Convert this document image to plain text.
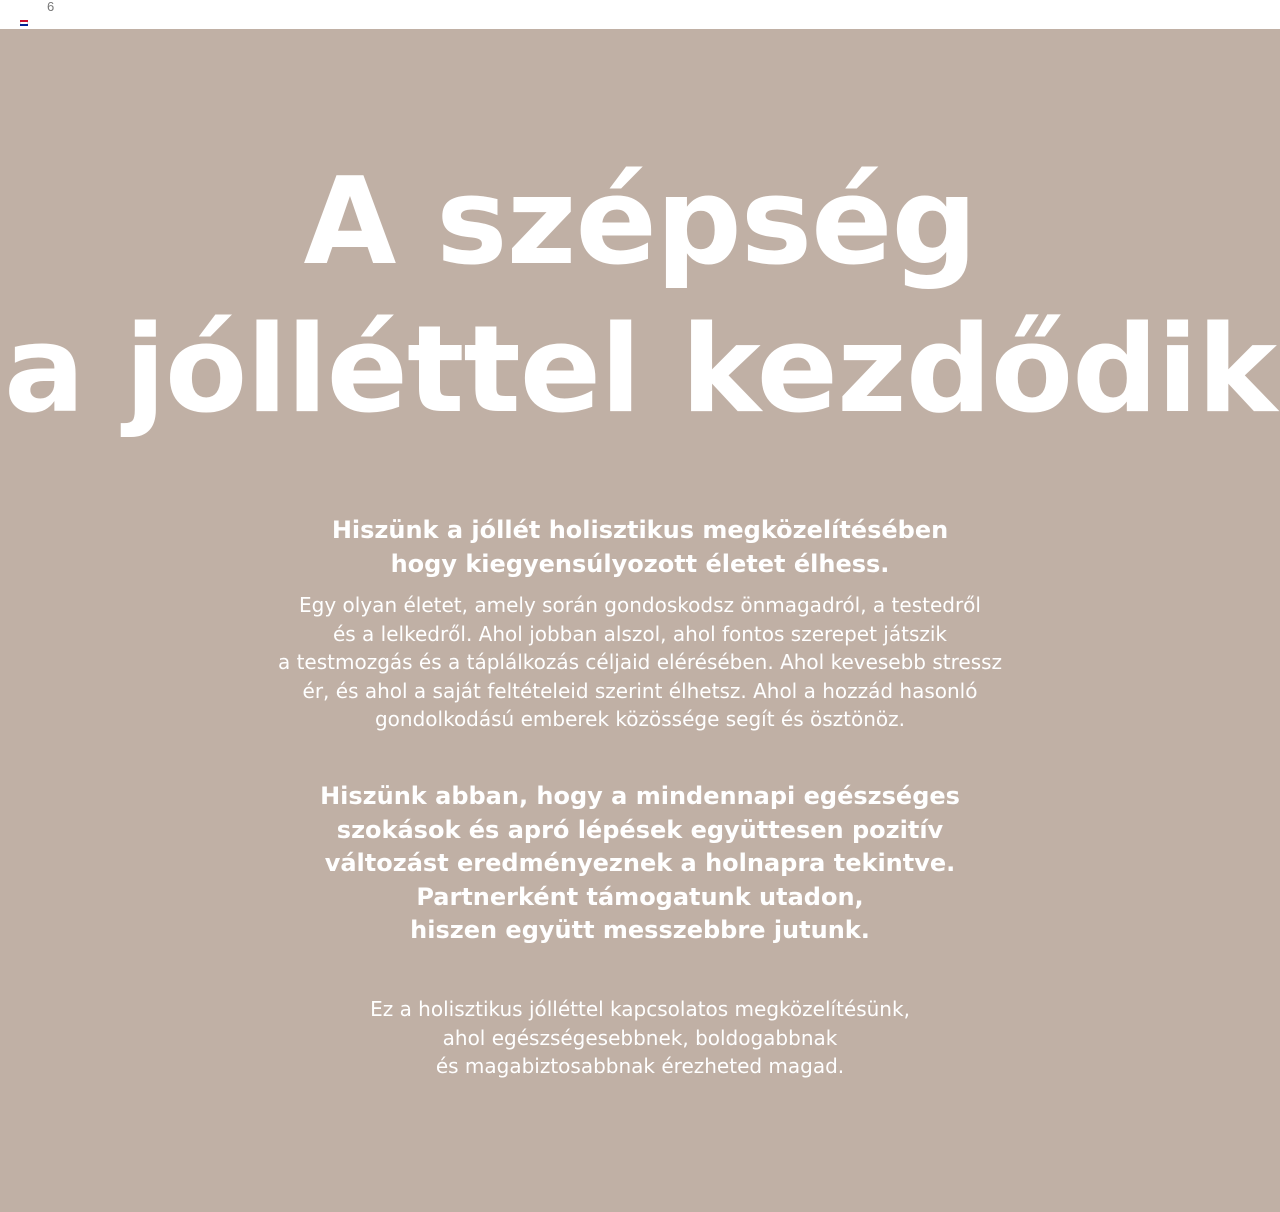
6
A szépség
a jólléttel kezdődik

Hiszünk a jóllét holisztikus megközelítésében
hogy kiegyensúlyozott életet élhess.

Egy olyan életet, amely során gondoskodsz önmagadról, a testedről
és a lelkedről. Ahol jobban alszol, ahol fontos szerepet játszik
a testmozgás és a táplálkozás céljaid elérésében. Ahol kevesebb stressz
ér, és ahol a saját feltételeid szerint élhetsz. Ahol a hozzád hasonló
gondolkodású emberek közössége segít és ösztönöz.

Hiszünk abban, hogy a mindennapi egészséges
szokások és apró lépések együttesen pozitív
változást eredményeznek a holnapra tekintve.
Partnerként támogatunk utadon,
hiszen együtt messzebbre jutunk.

Ez a holisztikus jólléttel kapcsolatos megközelítésünk,
ahol egészségesebbnek, boldogabbnak
és magabiztosabbnak érezheted magad.
